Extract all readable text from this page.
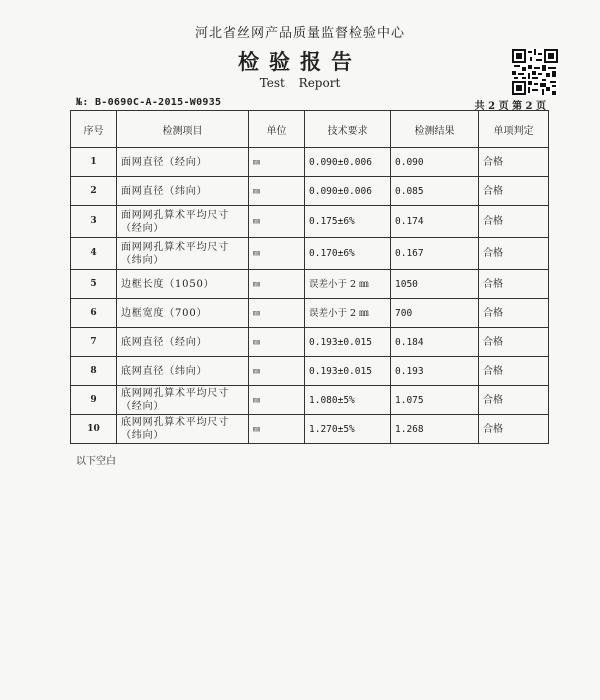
河北省丝网产品质量监督检验中心
检验报告
Test Report
№: B-0690C-A-2015-W0935	共 2 页 第 2 页
序号	检测项目	单位	技术要求	检测结果	单项判定
1	面网直径（经向）	㎜	0.090±0.006	0.090	合格
2	面网直径（纬向）	㎜	0.090±0.006	0.085	合格
3	面网网孔算术平均尺寸（经向）	㎜	0.175±6%	0.174	合格
4	面网网孔算术平均尺寸（纬向）	㎜	0.170±6%	0.167	合格
5	边框长度（1050）	㎜	误差小于 2 ㎜	1050	合格
6	边框宽度（700）	㎜	误差小于 2 ㎜	700	合格
7	底网直径（经向）	㎜	0.193±0.015	0.184	合格
8	底网直径（纬向）	㎜	0.193±0.015	0.193	合格
9	底网网孔算术平均尺寸（经向）	㎜	1.080±5%	1.075	合格
10	底网网孔算术平均尺寸（纬向）	㎜	1.270±5%	1.268	合格
以下空白
